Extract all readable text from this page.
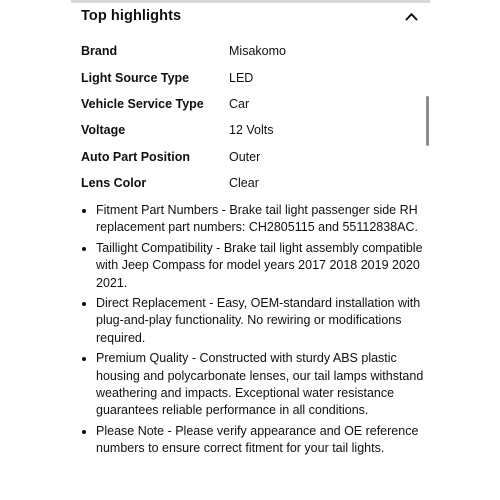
Top highlights
Brand	Misakomo
Light Source Type	LED
Vehicle Service Type	Car
Voltage	12 Volts
Auto Part Position	Outer
Lens Color	Clear
Fitment Part Numbers - Brake tail light passenger side RH replacement part numbers: CH2805115 and 55112838AC.
Taillight Compatibility - Brake tail light assembly compatible with Jeep Compass for model years 2017 2018 2019 2020 2021.
Direct Replacement - Easy, OEM-standard installation with plug-and-play functionality. No rewiring or modifications required.
Premium Quality - Constructed with sturdy ABS plastic housing and polycarbonate lenses, our tail lamps withstand weathering and impacts. Exceptional water resistance guarantees reliable performance in all conditions.
Please Note - Please verify appearance and OE reference numbers to ensure correct fitment for your tail lights.
